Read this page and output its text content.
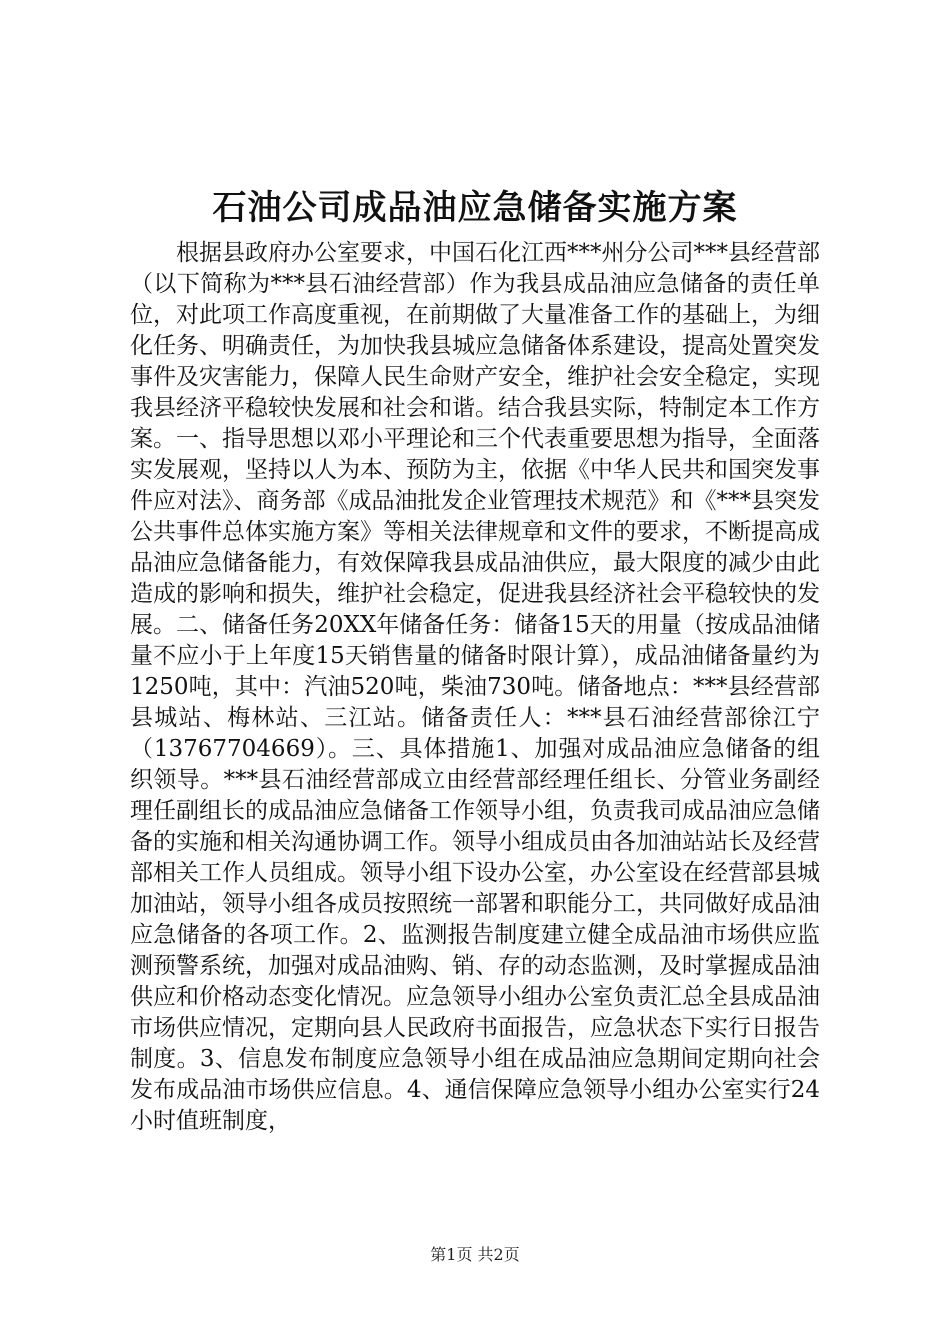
石油公司成品油应急储备实施方案

根据县政府办公室要求，中国石化江西***州分公司***县经营部（以下简称为***县石油经营部）作为我县成品油应急储备的责任单位，对此项工作高度重视，在前期做了大量准备工作的基础上，为细化任务、明确责任，为加快我县城应急储备体系建设，提高处置突发事件及灾害能力，保障人民生命财产安全，维护社会安全稳定，实现我县经济平稳较快发展和社会和谐。结合我县实际，特制定本工作方案。一、指导思想以邓小平理论和三个代表重要思想为指导，全面落实发展观，坚持以人为本、预防为主，依据《中华人民共和国突发事件应对法》、商务部《成品油批发企业管理技术规范》和《***县突发公共事件总体实施方案》等相关法律规章和文件的要求，不断提高成品油应急储备能力，有效保障我县成品油供应，最大限度的减少由此造成的影响和损失，维护社会稳定，促进我县经济社会平稳较快的发展。二、储备任务20XX年储备任务：储备15天的用量（按成品油储量不应小于上年度15天销售量的储备时限计算），成品油储备量约为1250吨，其中：汽油520吨，柴油730吨。储备地点：***县经营部县城站、梅林站、三江站。储备责任人：***县石油经营部徐江宁（13767704669）。三、具体措施1、加强对成品油应急储备的组织领导。***县石油经营部成立由经营部经理任组长、分管业务副经理任副组长的成品油应急储备工作领导小组，负责我司成品油应急储备的实施和相关沟通协调工作。领导小组成员由各加油站站长及经营部相关工作人员组成。领导小组下设办公室，办公室设在经营部县城加油站，领导小组各成员按照统一部署和职能分工，共同做好成品油应急储备的各项工作。2、监测报告制度建立健全成品油市场供应监测预警系统，加强对成品油购、销、存的动态监测，及时掌握成品油供应和价格动态变化情况。应急领导小组办公室负责汇总全县成品油市场供应情况，定期向县人民政府书面报告，应急状态下实行日报告制度。3、信息发布制度应急领导小组在成品油应急期间定期向社会发布成品油市场供应信息。4、通信保障应急领导小组办公室实行24小时值班制度，

第1页 共2页
